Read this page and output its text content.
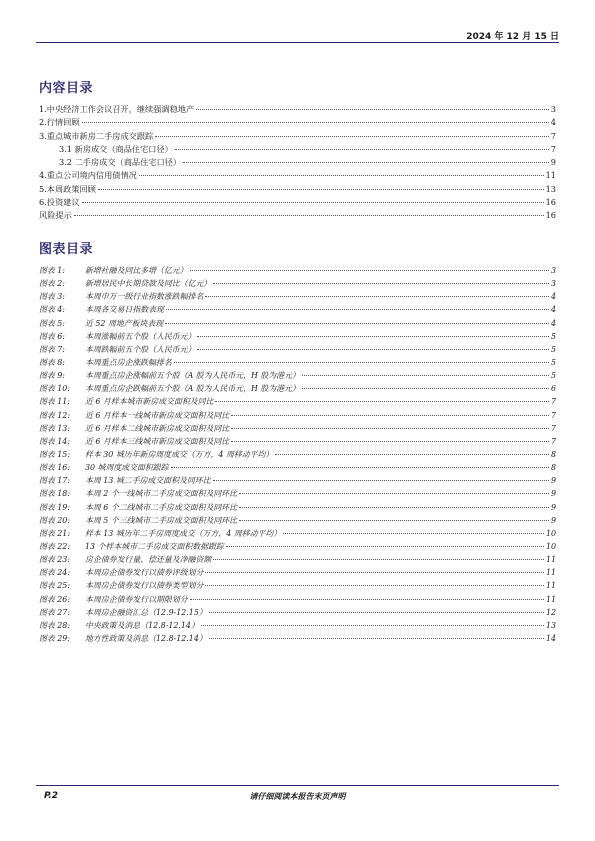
2024 年 12 月 15 日
内容目录
1.中央经济工作会议召开，继续强调稳地产	3
2.行情回顾	4
3.重点城市新房二手房成交跟踪	7
3.1 新房成交（商品住宅口径）	7
3.2 二手房成交（商品住宅口径）	9
4.重点公司境内信用债情况	11
5.本周政策回顾	13
6.投资建议	16
风险提示	16
图表目录
图表 1:	新增社融及同比多增（亿元）	3
图表 2:	新增居民中长期贷款及同比（亿元）	3
图表 3:	本周申万一级行业指数涨跌幅排名	4
图表 4:	本周各交易日指数表现	4
图表 5:	近 52 周地产板块表现	4
图表 6:	本周涨幅前五个股（人民币元）	5
图表 7:	本周跌幅前五个股（人民币元）	5
图表 8:	本周重点房企涨跌幅排名	5
图表 9:	本周重点房企涨幅前五个股（A 股为人民币元，H 股为港元）	5
图表 10:	本周重点房企跌幅前五个股（A 股为人民币元，H 股为港元）	6
图表 11:	近 6 月样本城市新房成交面积及同比	7
图表 12:	近 6 月样本一线城市新房成交面积及同比	7
图表 13:	近 6 月样本二线城市新房成交面积及同比	7
图表 14:	近 6 月样本三线城市新房成交面积及同比	7
图表 15:	样本 30 城历年新房周度成交（万方，4 周移动平均）	8
图表 16:	30 城周度成交面积跟踪	8
图表 17:	本周 13 城二手房成交面积及同环比	9
图表 18:	本周 2 个一线城市二手房成交面积及同环比	9
图表 19:	本周 6 个二线城市二手房成交面积及同环比	9
图表 20:	本周 5 个三线城市二手房成交面积及同环比	9
图表 21:	样本 13 城历年二手房周度成交（万方，4 周移动平均）	10
图表 22:	13 个样本城市二手房成交面积数据跟踪	10
图表 23:	房企债券发行量、偿还量及净融资额	11
图表 24:	本周房企债券发行以债券评级划分	11
图表 25:	本周房企债券发行以债券类型划分	11
图表 26:	本周房企债券发行以期限划分	11
图表 27:	本周房企融资汇总（12.9-12.15）	12
图表 28:	中央政策及消息（12.8-12.14）	13
图表 29:	地方性政策及消息（12.8-12.14）	14
P.2	请仔细阅读本报告末页声明
